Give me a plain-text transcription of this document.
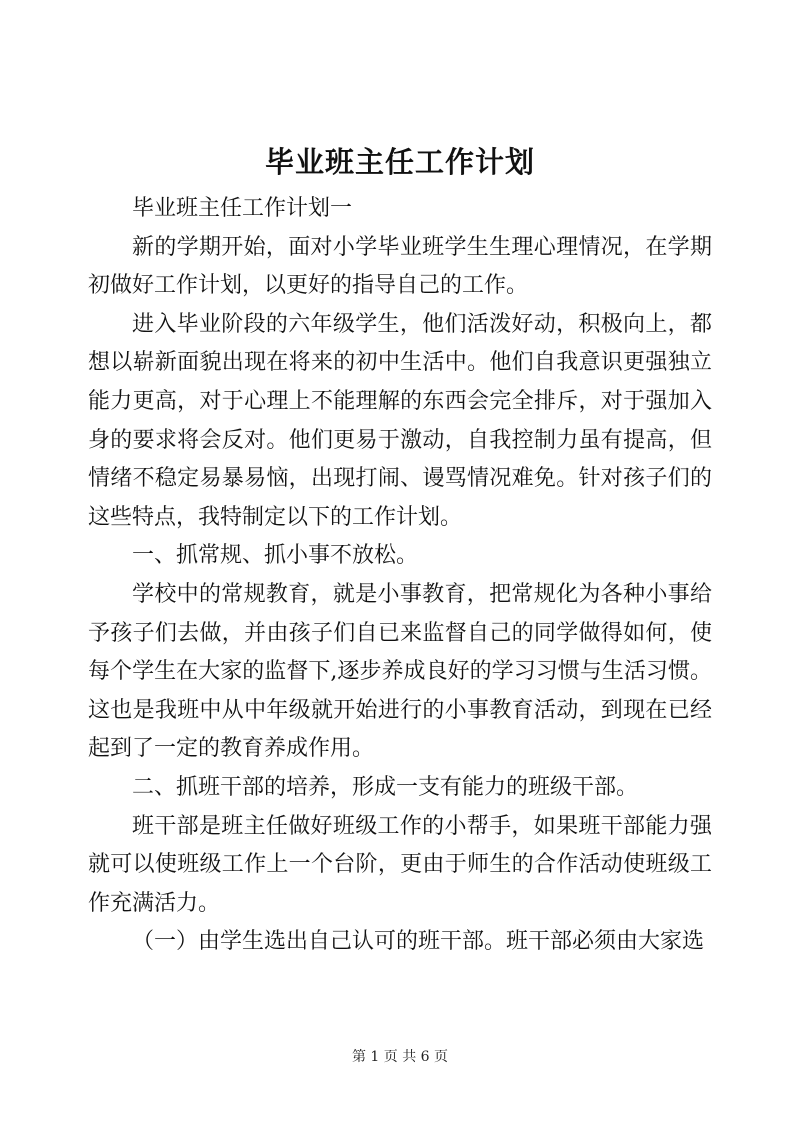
毕业班主任工作计划

毕业班主任工作计划一

新的学期开始，面对小学毕业班学生生理心理情况，在学期初做好工作计划，以更好的指导自己的工作。

进入毕业阶段的六年级学生，他们活泼好动，积极向上，都想以崭新面貌出现在将来的初中生活中。他们自我意识更强独立能力更高，对于心理上不能理解的东西会完全排斥，对于强加入身的要求将会反对。他们更易于激动，自我控制力虽有提高，但情绪不稳定易暴易恼，出现打闹、谩骂情况难免。针对孩子们的这些特点，我特制定以下的工作计划。

一、抓常规、抓小事不放松。

学校中的常规教育，就是小事教育，把常规化为各种小事给予孩子们去做，并由孩子们自已来监督自己的同学做得如何，使每个学生在大家的监督下,逐步养成良好的学习习惯与生活习惯。这也是我班中从中年级就开始进行的小事教育活动，到现在已经起到了一定的教育养成作用。

二、抓班干部的培养，形成一支有能力的班级干部。

班干部是班主任做好班级工作的小帮手，如果班干部能力强就可以使班级工作上一个台阶，更由于师生的合作活动使班级工作充满活力。

（一）由学生选出自己认可的班干部。班干部必须由大家选

第 1 页 共 6 页
